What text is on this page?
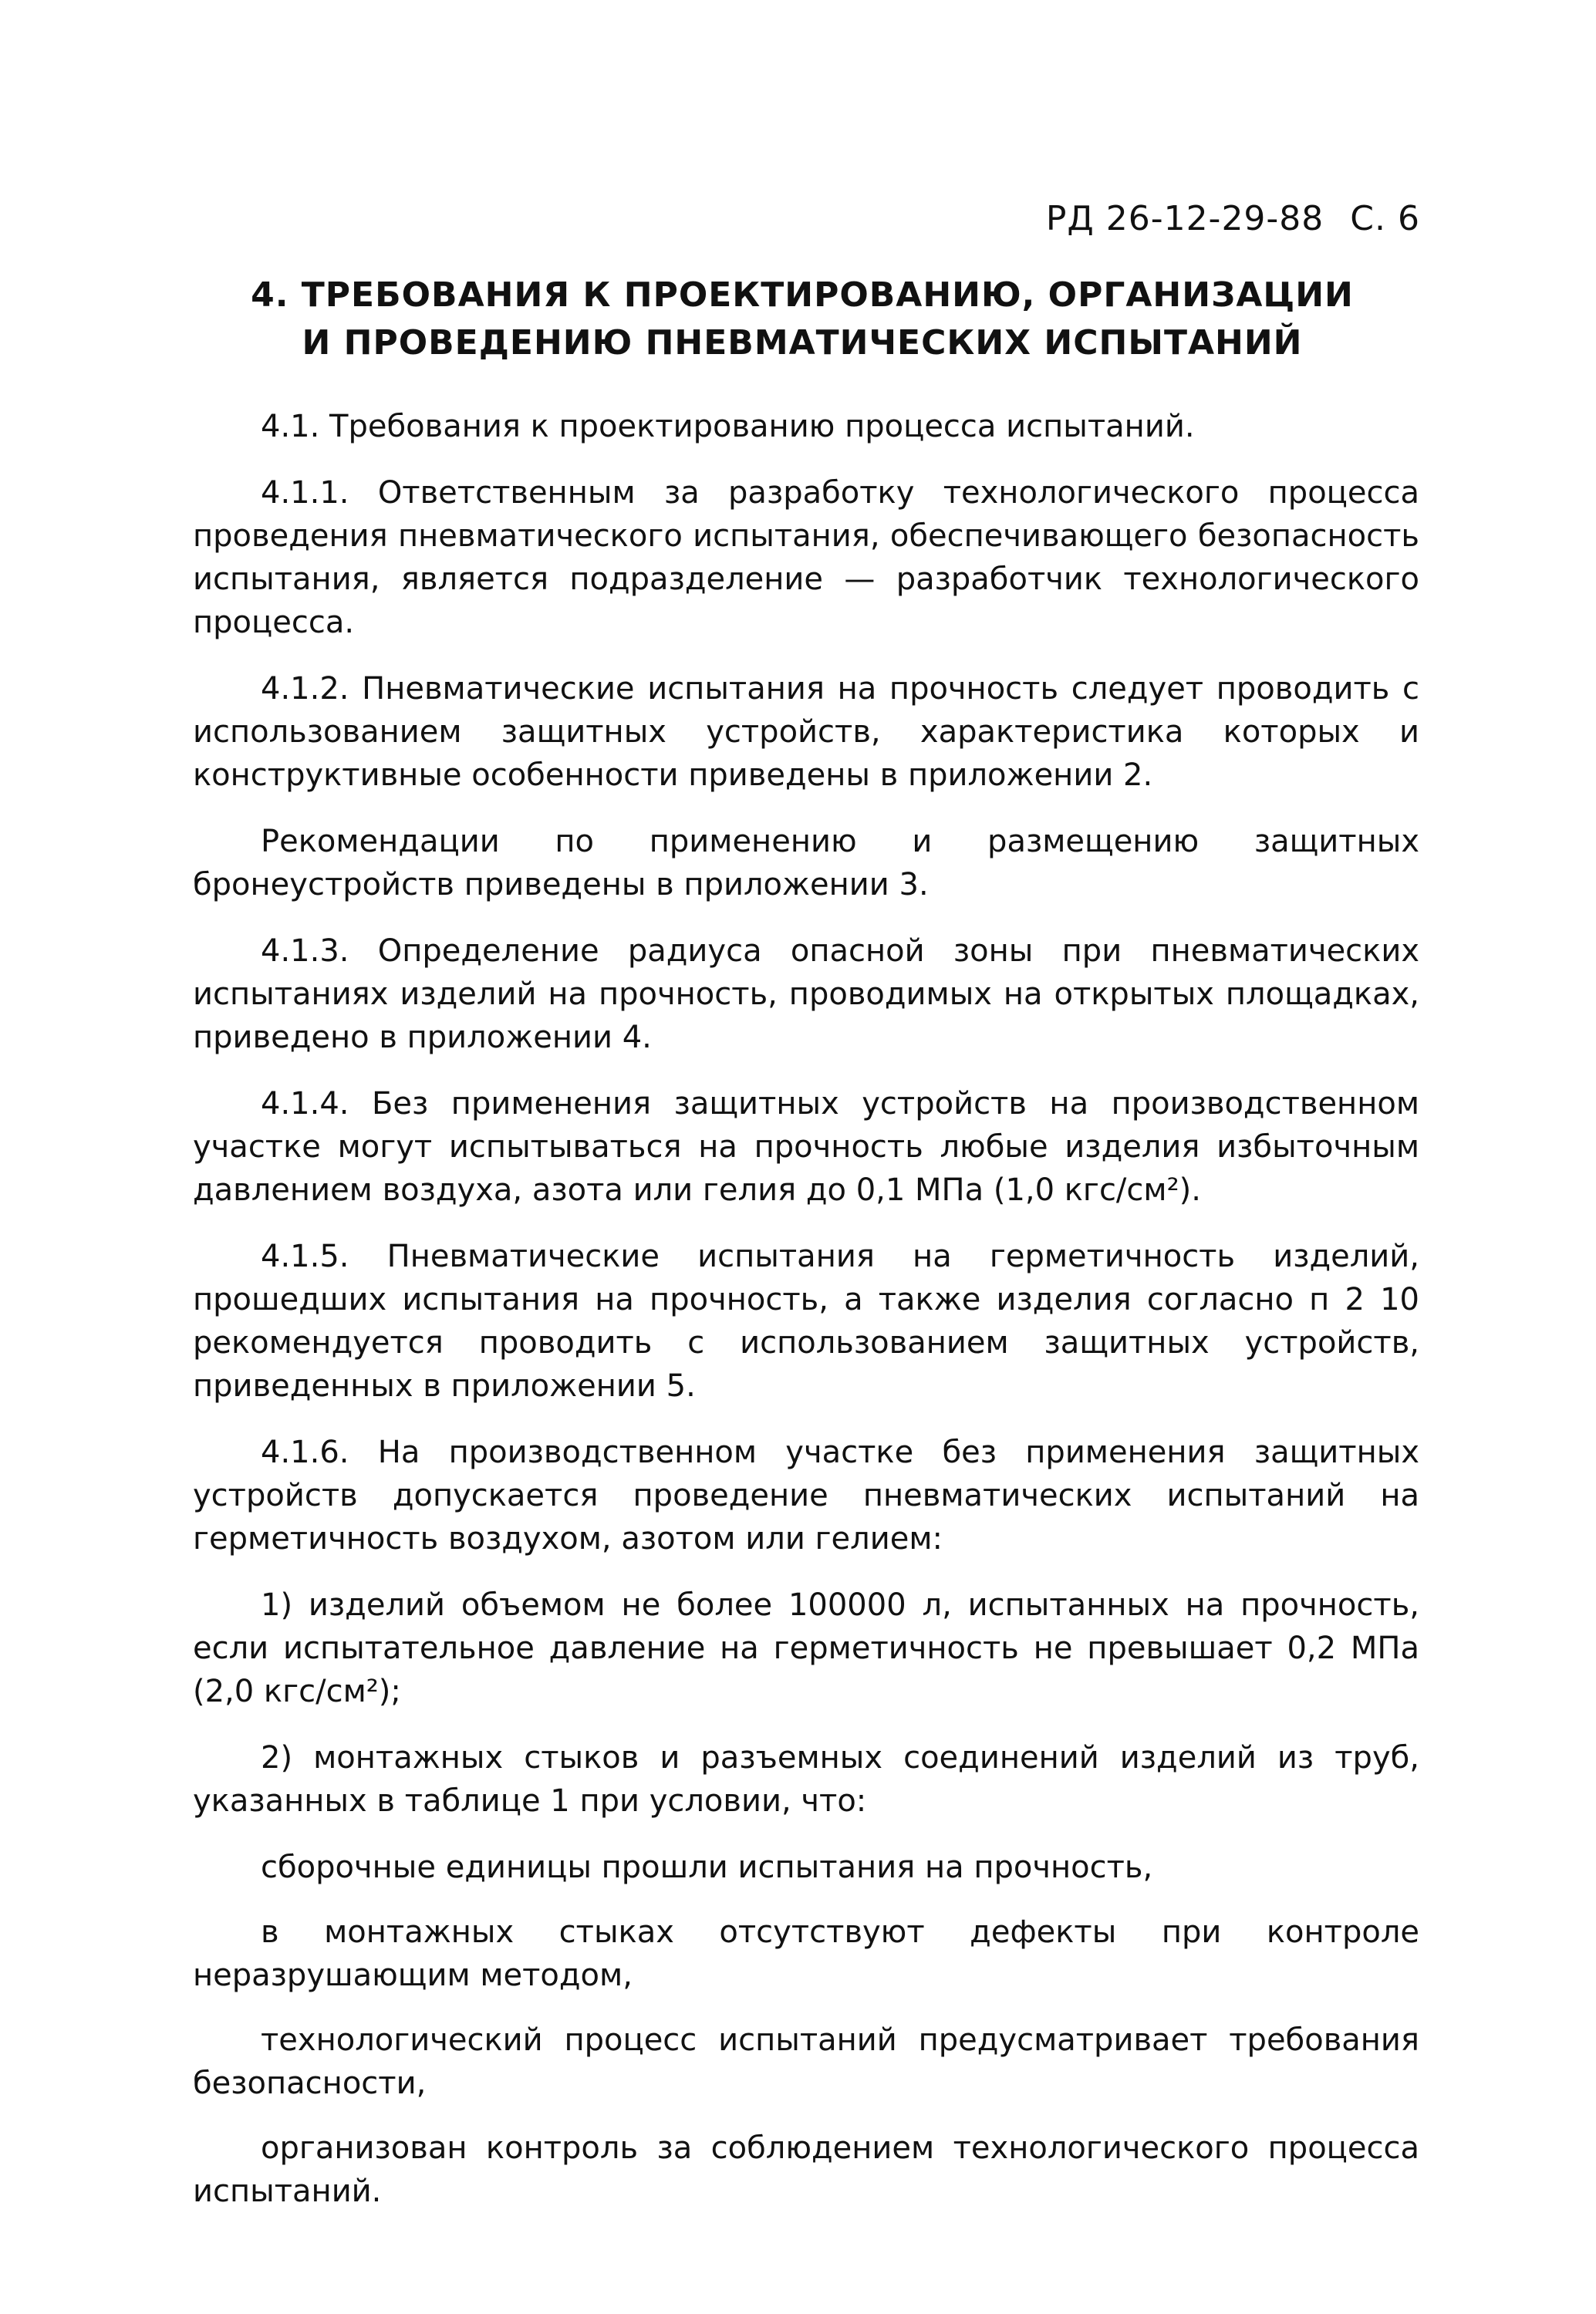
РД 26-12-29-88 С. 6
4. ТРЕБОВАНИЯ К ПРОЕКТИРОВАНИЮ, ОРГАНИЗАЦИИ
И ПРОВЕДЕНИЮ ПНЕВМАТИЧЕСКИХ ИСПЫТАНИЙ

4.1. Требования к проектированию процесса испытаний.

4.1.1. Ответственным за разработку технологического процесса проведения пневматического испытания, обеспечивающего безопасность испытания, является подразделение — разработчик технологического процесса.

4.1.2. Пневматические испытания на прочность следует проводить с использованием защитных устройств, характеристика которых и конструктивные особенности приведены в приложении 2.

Рекомендации по применению и размещению защитных бронеустройств приведены в приложении 3.

4.1.3. Определение радиуса опасной зоны при пневматических испытаниях изделий на прочность, проводимых на открытых площадках, приведено в приложении 4.

4.1.4. Без применения защитных устройств на производственном участке могут испытываться на прочность любые изделия избыточным давлением воздуха, азота или гелия до 0,1 МПа (1,0 кгс/см²).

4.1.5. Пневматические испытания на герметичность изделий, прошедших испытания на прочность, а также изделия согласно п 2 10 рекомендуется проводить с использованием защитных устройств, приведенных в приложении 5.

4.1.6. На производственном участке без применения защитных устройств допускается проведение пневматических испытаний на герметичность воздухом, азотом или гелием:

1) изделий объемом не более 100000 л, испытанных на прочность, если испытательное давление на герметичность не превышает 0,2 МПа (2,0 кгс/см²);

2) монтажных стыков и разъемных соединений изделий из труб, указанных в таблице 1 при условии, что:

сборочные единицы прошли испытания на прочность,

в монтажных стыках отсутствуют дефекты при контроле неразрушающим методом,

технологический процесс испытаний предусматривает требования безопасности,

организован контроль за соблюдением технологического процесса испытаний.
